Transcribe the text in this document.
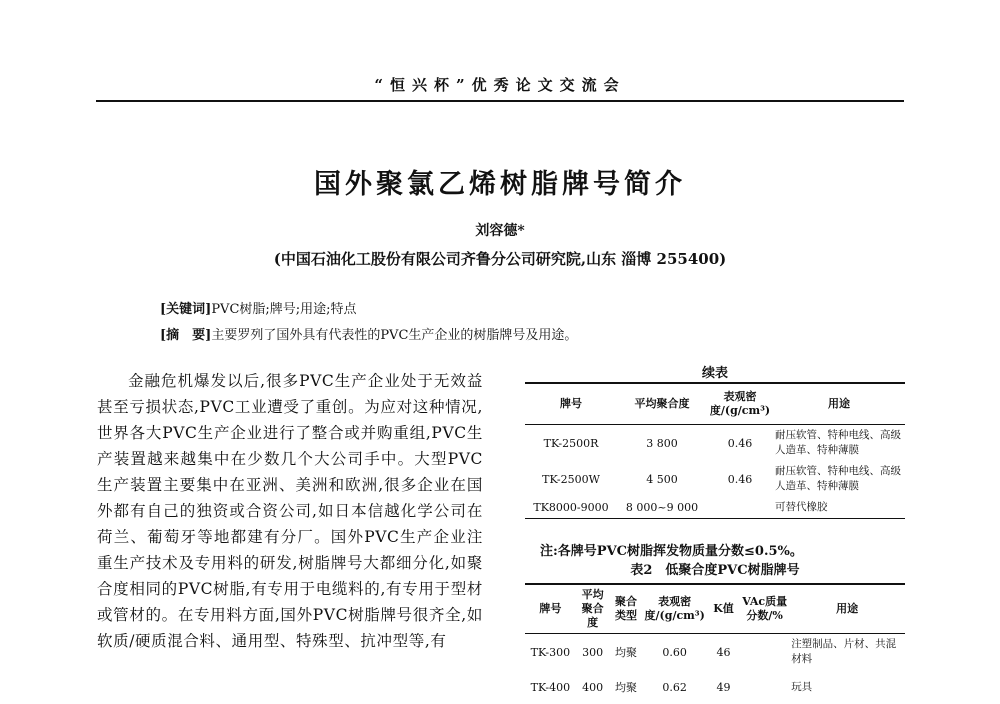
“恒兴杯”优秀论文交流会
国外聚氯乙烯树脂牌号简介
刘容德*
(中国石油化工股份有限公司齐鲁分公司研究院,山东 淄博 255400)
[关键词]PVC树脂;牌号;用途;特点
[摘　要]主要罗列了国外具有代表性的PVC生产企业的树脂牌号及用途。

金融危机爆发以后,很多PVC生产企业处于无效益甚至亏损状态,PVC工业遭受了重创。为应对这种情况,世界各大PVC生产企业进行了整合或并购重组,PVC生产装置越来越集中在少数几个大公司手中。大型PVC生产装置主要集中在亚洲、美洲和欧洲,很多企业在国外都有自己的独资或合资公司,如日本信越化学公司在荷兰、葡萄牙等地都建有分厂。国外PVC生产企业注重生产技术及专用料的研发,树脂牌号大都细分化,如聚合度相同的PVC树脂,有专用于电缆料的,有专用于型材或管材的。在专用料方面,国外PVC树脂牌号很齐全,如软质/硬质混合料、通用型、特殊型、抗冲型等,有

续表
牌号	平均聚合度	表观密度/(g/cm³)	用途
TK-2500R	3 800	0.46	耐压软管、特种电线、高级人造革、特种薄膜
TK-2500W	4 500	0.46	耐压软管、特种电线、高级人造革、特种薄膜
TK8000-9000	8 000~9 000		可替代橡胶
注:各牌号PVC树脂挥发物质量分数≤0.5%。
表2　低聚合度PVC树脂牌号
牌号	平均聚合度	聚合类型	表观密度/(g/cm³)	K值	VAc质量分数/%	用途
TK-300	300	均聚	0.60	46		注塑制品、片材、共混材料
TK-400	400	均聚	0.62	49		玩具
